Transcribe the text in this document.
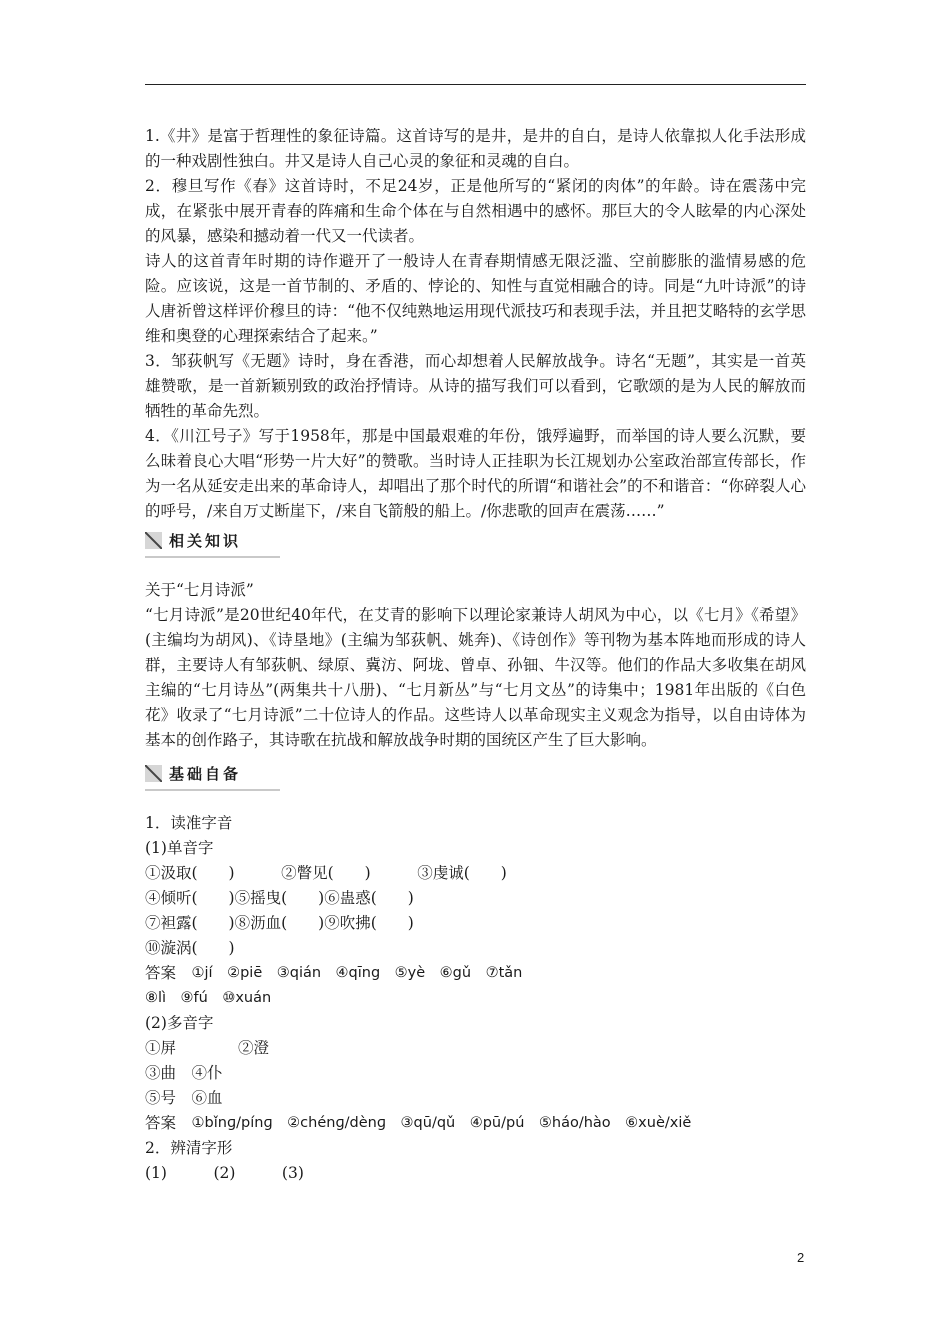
1.《井》是富于哲理性的象征诗篇。这首诗写的是井，是井的自白，是诗人依靠拟人化手法形成的一种戏剧性独白。井又是诗人自己心灵的象征和灵魂的自白。

2．穆旦写作《春》这首诗时，不足24岁，正是他所写的“紧闭的肉体”的年龄。诗在震荡中完成，在紧张中展开青春的阵痛和生命个体在与自然相遇中的感怀。那巨大的令人眩晕的内心深处的风暴，感染和撼动着一代又一代读者。

诗人的这首青年时期的诗作避开了一般诗人在青春期情感无限泛滥、空前膨胀的滥情易感的危险。应该说，这是一首节制的、矛盾的、悖论的、知性与直觉相融合的诗。同是“九叶诗派”的诗人唐祈曾这样评价穆旦的诗：“他不仅纯熟地运用现代派技巧和表现手法，并且把艾略特的玄学思维和奥登的心理探索结合了起来。”

3．邹荻帆写《无题》诗时，身在香港，而心却想着人民解放战争。诗名“无题”，其实是一首英雄赞歌，是一首新颖别致的政治抒情诗。从诗的描写我们可以看到，它歌颂的是为人民的解放而牺牲的革命先烈。

4．《川江号子》写于1958年，那是中国最艰难的年份，饿殍遍野，而举国的诗人要么沉默，要么昧着良心大唱“形势一片大好”的赞歌。当时诗人正挂职为长江规划办公室政治部宣传部长，作为一名从延安走出来的革命诗人，却唱出了那个时代的所谓“和谐社会”的不和谐音：“你碎裂人心的呼号，/来自万丈断崖下，/来自飞箭般的船上。/你悲歌的回声在震荡……”

相关知识

关于“七月诗派”

“七月诗派”是20世纪40年代，在艾青的影响下以理论家兼诗人胡风为中心，以《七月》《希望》(主编均为胡风)、《诗垦地》(主编为邹荻帆、姚奔)、《诗创作》等刊物为基本阵地而形成的诗人群，主要诗人有邹荻帆、绿原、冀汸、阿垅、曾卓、孙钿、牛汉等。他们的作品大多收集在胡风主编的“七月诗丛”(两集共十八册)、“七月新丛”与“七月文丛”的诗集中；1981年出版的《白色花》收录了“七月诗派”二十位诗人的作品。这些诗人以革命现实主义观念为指导，以自由诗体为基本的创作路子，其诗歌在抗战和解放战争时期的国统区产生了巨大影响。

基础自备

1．读准字音

(1)单音字

①汲取(　　)　　　②瞥见(　　)　　　③虔诚(　　)

④倾听(　　)⑤摇曳(　　)⑥蛊惑(　　)

⑦袒露(　　)⑧沥血(　　)⑨吹拂(　　)

⑩漩涡(　　)

答案
　 ①jí　②piē　③qián　④qīng　⑤yè　⑥gǔ　⑦tǎn

⑧lì　⑨fú　⑩xuán

(2)多音字

①屏　　　　②澄

③曲　④仆

⑤号　⑥血

答案
　 ①bǐnɡ/pínɡ　②chénɡ/dènɡ　③qū/qǔ　④pū/pú　⑤háo/hào　⑥xuè/xiě

2．辨清字形

(1)　　　(2)　　　(3)

2
